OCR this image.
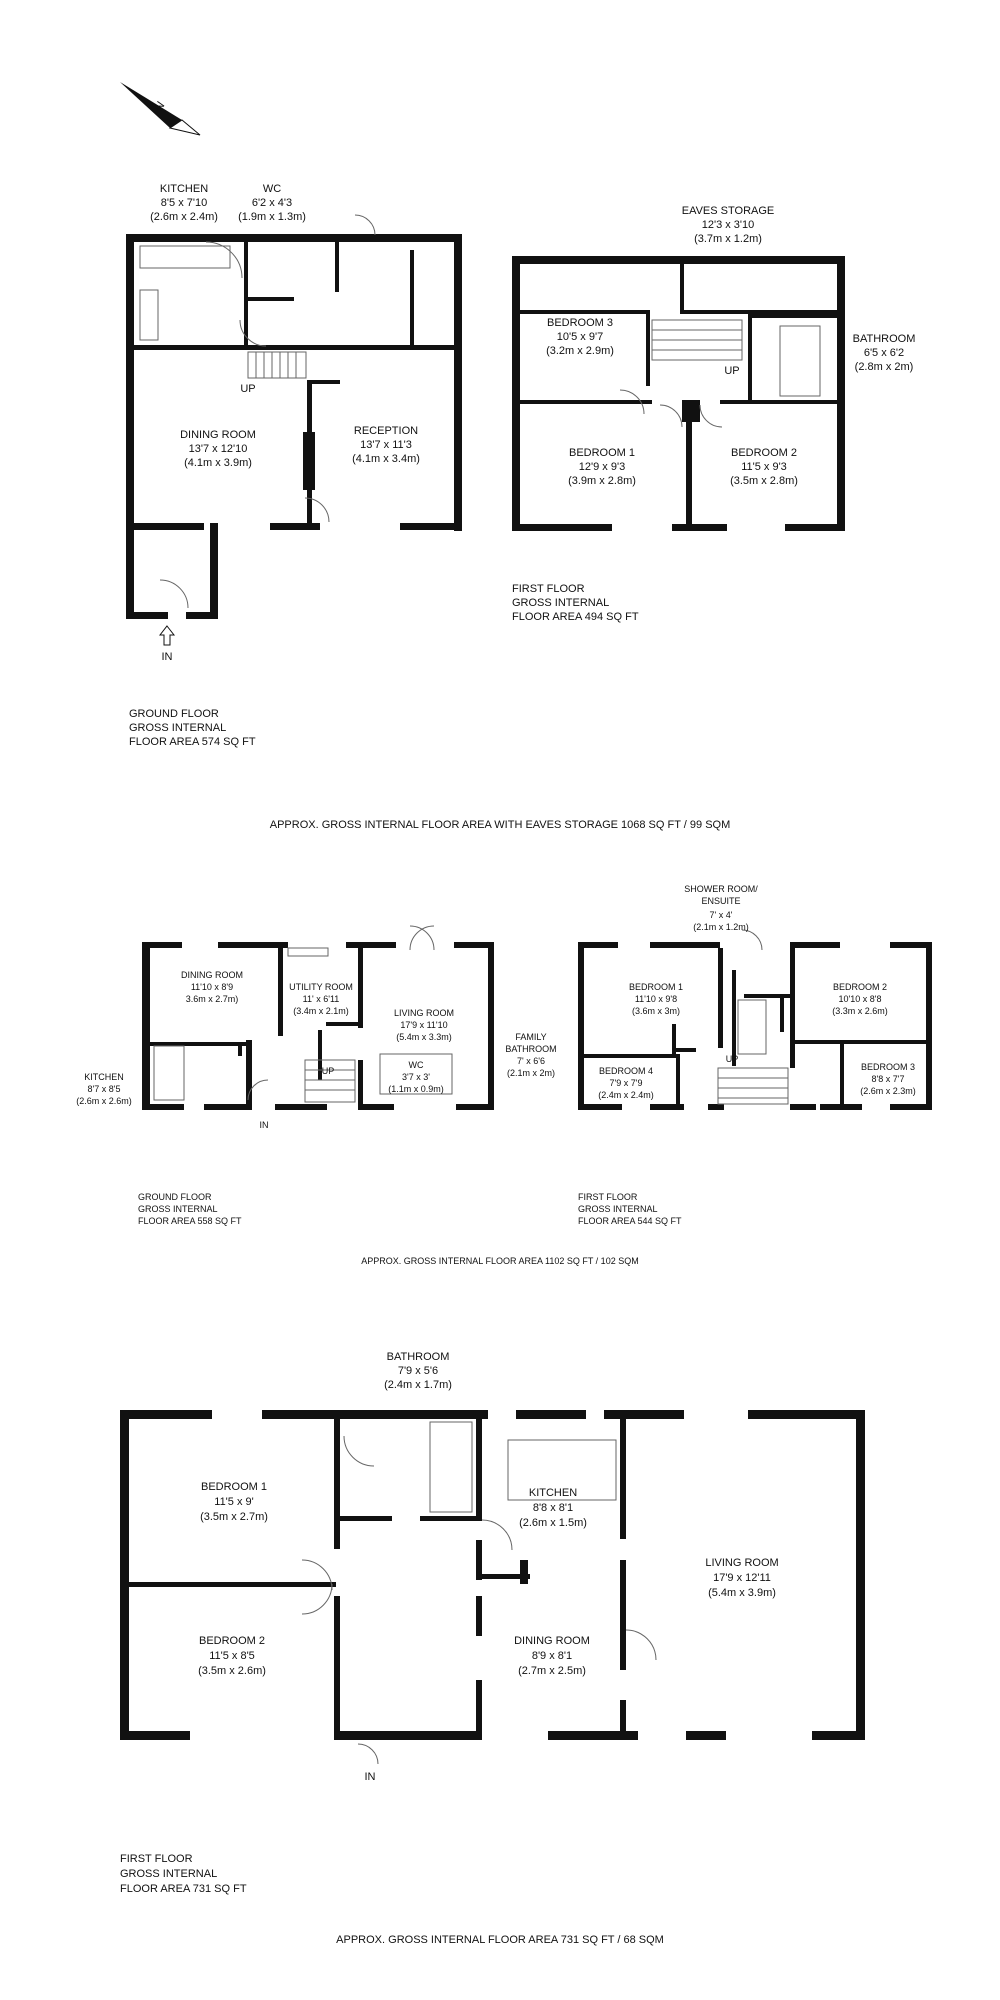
N
KITCHEN
8'5 x 7'10
(2.6m x 2.4m)
WC
6'2 x 4'3
(1.9m x 1.3m)
DINING ROOM
13'7 x 12'10
(4.1m x 3.9m)
RECEPTION
13'7 x 11'3
(4.1m x 3.4m)
UP
IN
GROUND FLOOR
GROSS INTERNAL
FLOOR AREA 574 SQ FT
EAVES STORAGE
12'3 x 3'10
(3.7m x 1.2m)
BEDROOM 3
10'5 x 9'7
(3.2m x 2.9m)
BATHROOM
6'5 x 6'2
(2.8m x 2m)
BEDROOM 1
12'9 x 9'3
(3.9m x 2.8m)
BEDROOM 2
11'5 x 9'3
(3.5m x 2.8m)
UP
FIRST FLOOR
GROSS INTERNAL
FLOOR AREA 494 SQ FT
APPROX. GROSS INTERNAL FLOOR AREA WITH EAVES STORAGE 1068 SQ FT / 99 SQM
DINING ROOM
11'10 x 8'9
3.6m x 2.7m)
UTILITY ROOM
11' x 6'11
(3.4m x 2.1m)	LIVING ROOM
17'9 x 11'10
(5.4m x 3.3m)
WC
3'7 x 3'
(1.1m x 0.9m)
KITCHEN
8'7 x 8'5
(2.6m x 2.6m)
UP
IN
GROUND FLOOR
GROSS INTERNAL
FLOOR AREA 558 SQ FT
SHOWER ROOM/
ENSUITE
7' x 4'
(2.1m x 1.2m)
FAMILY
BATHROOM
7' x 6'6
(2.1m x 2m)
BEDROOM 1
11'10 x 9'8
(3.6m x 3m)
BEDROOM 2
10'10 x 8'8
(3.3m x 2.6m)
BEDROOM 4
7'9 x 7'9
(2.4m x 2.4m)
BEDROOM 3
8'8 x 7'7
(2.6m x 2.3m)
UP
FIRST FLOOR
GROSS INTERNAL
FLOOR AREA 544 SQ FT
APPROX. GROSS INTERNAL FLOOR AREA 1102 SQ FT / 102 SQM
BATHROOM
7'9 x 5'6
(2.4m x 1.7m)
BEDROOM 1
11'5 x 9'
(3.5m x 2.7m)
KITCHEN
8'8 x 8'1
(2.6m x 1.5m)
LIVING ROOM
17'9 x 12'11
(5.4m x 3.9m)
BEDROOM 2
11'5 x 8'5
(3.5m x 2.6m)
DINING ROOM
8'9 x 8'1
(2.7m x 2.5m)
IN
FIRST FLOOR
GROSS INTERNAL
FLOOR AREA 731 SQ FT
APPROX. GROSS INTERNAL FLOOR AREA 731 SQ FT / 68 SQM
